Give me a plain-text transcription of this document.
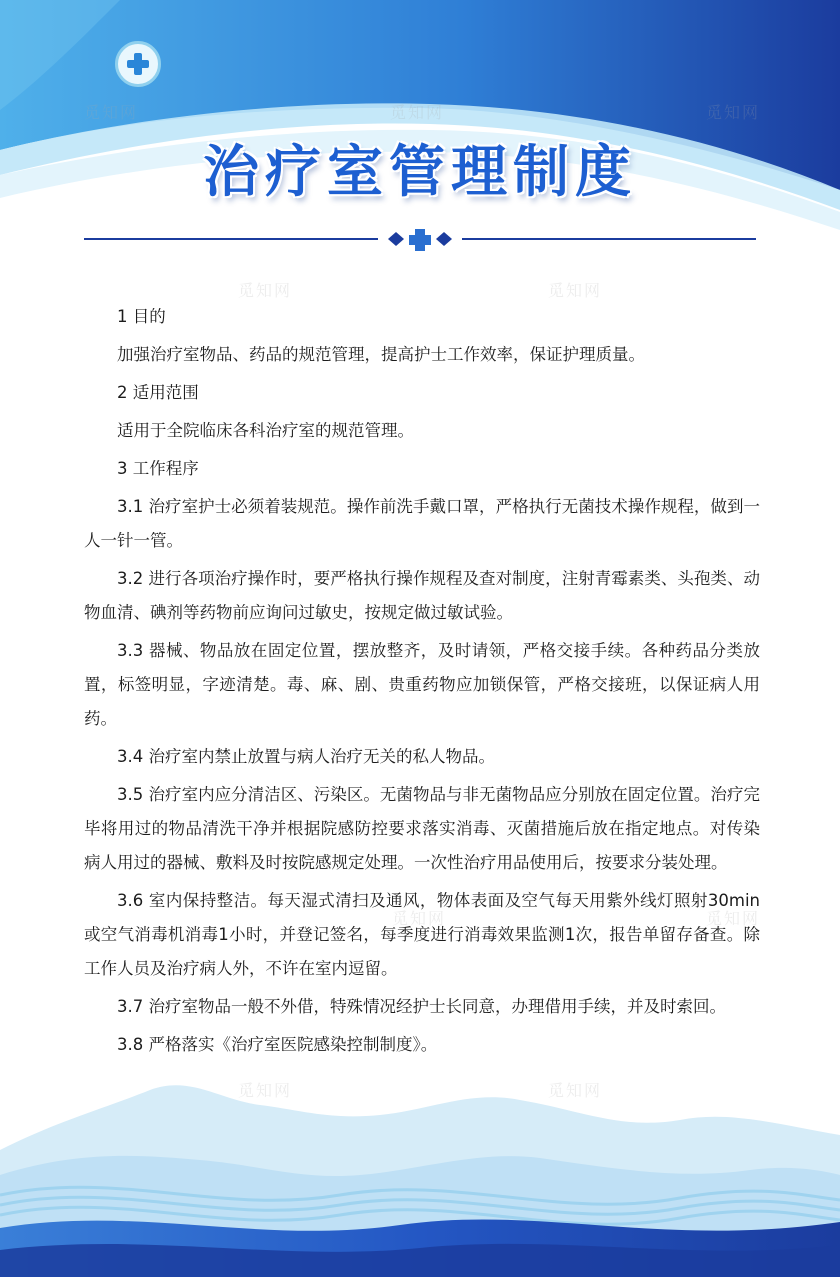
治疗室管理制度
觅知网	觅知网	觅知网
觅知网	觅知网
觅知网	觅知网
觅知网	觅知网

1 目的

加强治疗室物品、药品的规范管理，提高护士工作效率，保证护理质量。

2 适用范围

适用于全院临床各科治疗室的规范管理。

3 工作程序

3.1 治疗室护士必须着装规范。操作前洗手戴口罩，严格执行无菌技术操作规程，做到一人一针一管。

3.2 进行各项治疗操作时，要严格执行操作规程及查对制度，注射青霉素类、头孢类、动物血清、碘剂等药物前应询问过敏史，按规定做过敏试验。

3.3 器械、物品放在固定位置，摆放整齐，及时请领，严格交接手续。各种药品分类放置，标签明显，字迹清楚。毒、麻、剧、贵重药物应加锁保管，严格交接班，以保证病人用药。

3.4 治疗室内禁止放置与病人治疗无关的私人物品。

3.5 治疗室内应分清洁区、污染区。无菌物品与非无菌物品应分别放在固定位置。治疗完毕将用过的物品清洗干净并根据院感防控要求落实消毒、灭菌措施后放在指定地点。对传染病人用过的器械、敷料及时按院感规定处理。一次性治疗用品使用后，按要求分装处理。

3.6 室内保持整洁。每天湿式清扫及通风，物体表面及空气每天用紫外线灯照射30min或空气消毒机消毒1小时，并登记签名，每季度进行消毒效果监测1次，报告单留存备查。除工作人员及治疗病人外，不许在室内逗留。

3.7 治疗室物品一般不外借，特殊情况经护士长同意，办理借用手续，并及时索回。

3.8 严格落实《治疗室医院感染控制制度》。
